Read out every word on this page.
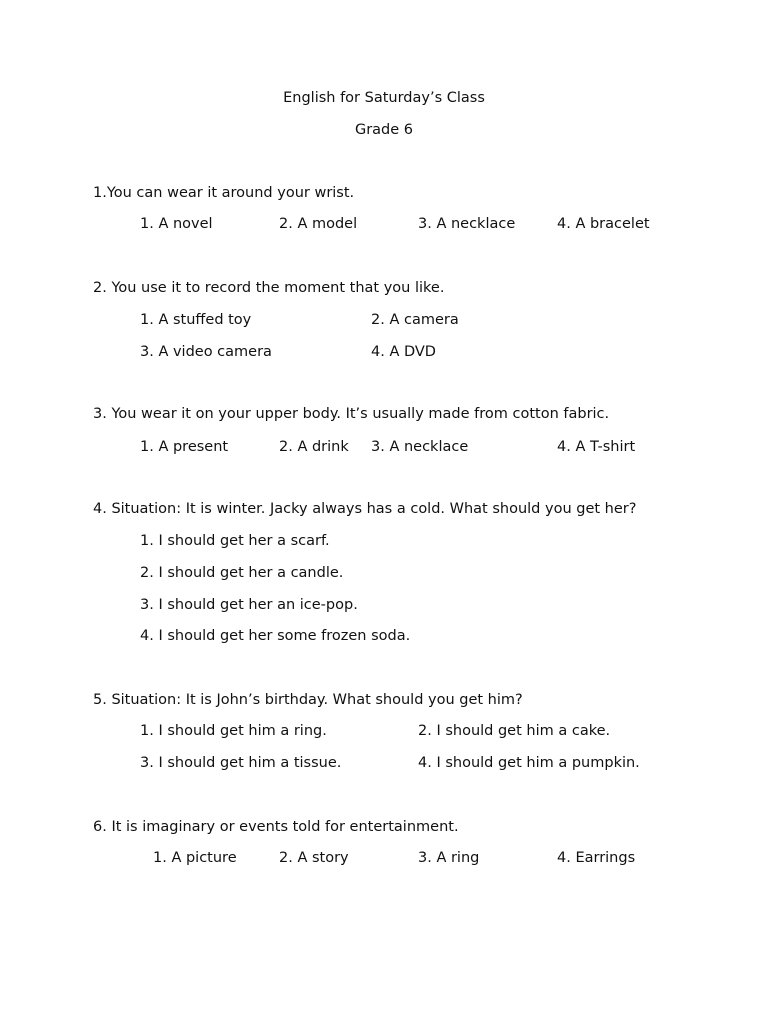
English for Saturday’s Class
Grade 6
1.You can wear it around your wrist.
1. A novel	2. A model	3. A necklace	4. A bracelet
2. You use it to record the moment that you like.
1. A stuffed toy	2. A camera
3. A video camera	4. A DVD
3. You wear it on your upper body. It’s usually made from cotton fabric.
1. A present	2. A drink 3. A necklace	4. A T-shirt
4. Situation: It is winter. Jacky always has a cold. What should you get her?
1. I should get her a scarf.
2. I should get her a candle.
3. I should get her an ice-pop.
4. I should get her some frozen soda.
5. Situation: It is John’s birthday. What should you get him?
1. I should get him a ring.	2. I should get him a cake.
3. I should get him a tissue.	4. I should get him a pumpkin.
6. It is imaginary or events told for entertainment.
1. A picture	2. A story	3. A ring	4. Earrings
